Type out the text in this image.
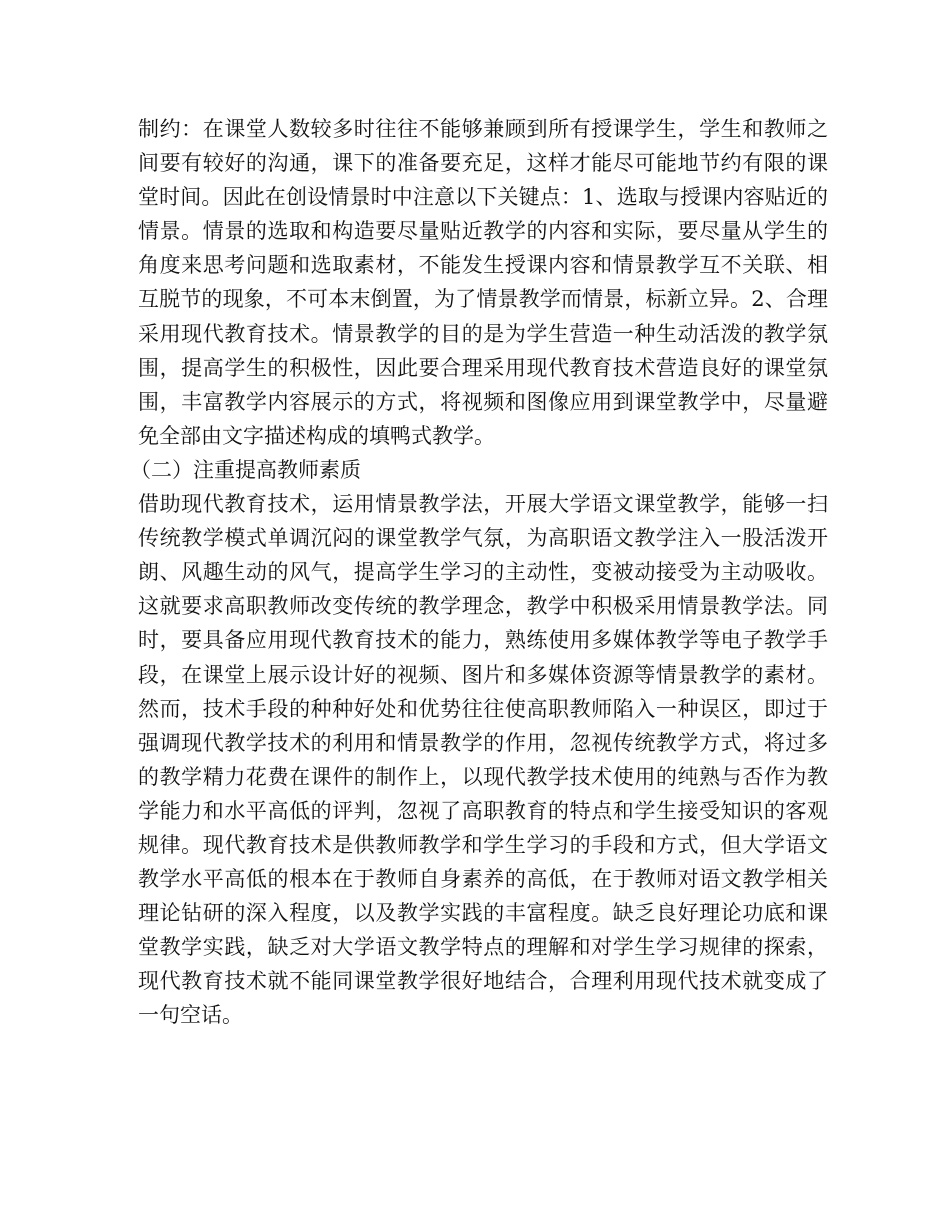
制约：在课堂人数较多时往往不能够兼顾到所有授课学生，学生和教师之间要有较好的沟通，课下的准备要充足，这样才能尽可能地节约有限的课堂时间。因此在创设情景时中注意以下关键点：1、选取与授课内容贴近的情景。情景的选取和构造要尽量贴近教学的内容和实际，要尽量从学生的角度来思考问题和选取素材，不能发生授课内容和情景教学互不关联、相互脱节的现象，不可本末倒置，为了情景教学而情景，标新立异。2、合理采用现代教育技术。情景教学的目的是为学生营造一种生动活泼的教学氛围，提高学生的积极性，因此要合理采用现代教育技术营造良好的课堂氛围，丰富教学内容展示的方式，将视频和图像应用到课堂教学中，尽量避免全部由文字描述构成的填鸭式教学。

（二）注重提高教师素质

借助现代教育技术，运用情景教学法，开展大学语文课堂教学，能够一扫传统教学模式单调沉闷的课堂教学气氛，为高职语文教学注入一股活泼开朗、风趣生动的风气，提高学生学习的主动性，变被动接受为主动吸收。这就要求高职教师改变传统的教学理念，教学中积极采用情景教学法。同时，要具备应用现代教育技术的能力，熟练使用多媒体教学等电子教学手段，在课堂上展示设计好的视频、图片和多媒体资源等情景教学的素材。然而，技术手段的种种好处和优势往往使高职教师陷入一种误区，即过于强调现代教学技术的利用和情景教学的作用，忽视传统教学方式，将过多的教学精力花费在课件的制作上，以现代教学技术使用的纯熟与否作为教学能力和水平高低的评判，忽视了高职教育的特点和学生接受知识的客观规律。现代教育技术是供教师教学和学生学习的手段和方式，但大学语文教学水平高低的根本在于教师自身素养的高低，在于教师对语文教学相关理论钻研的深入程度，以及教学实践的丰富程度。缺乏良好理论功底和课堂教学实践，缺乏对大学语文教学特点的理解和对学生学习规律的探索，现代教育技术就不能同课堂教学很好地结合，合理利用现代技术就变成了一句空话。
